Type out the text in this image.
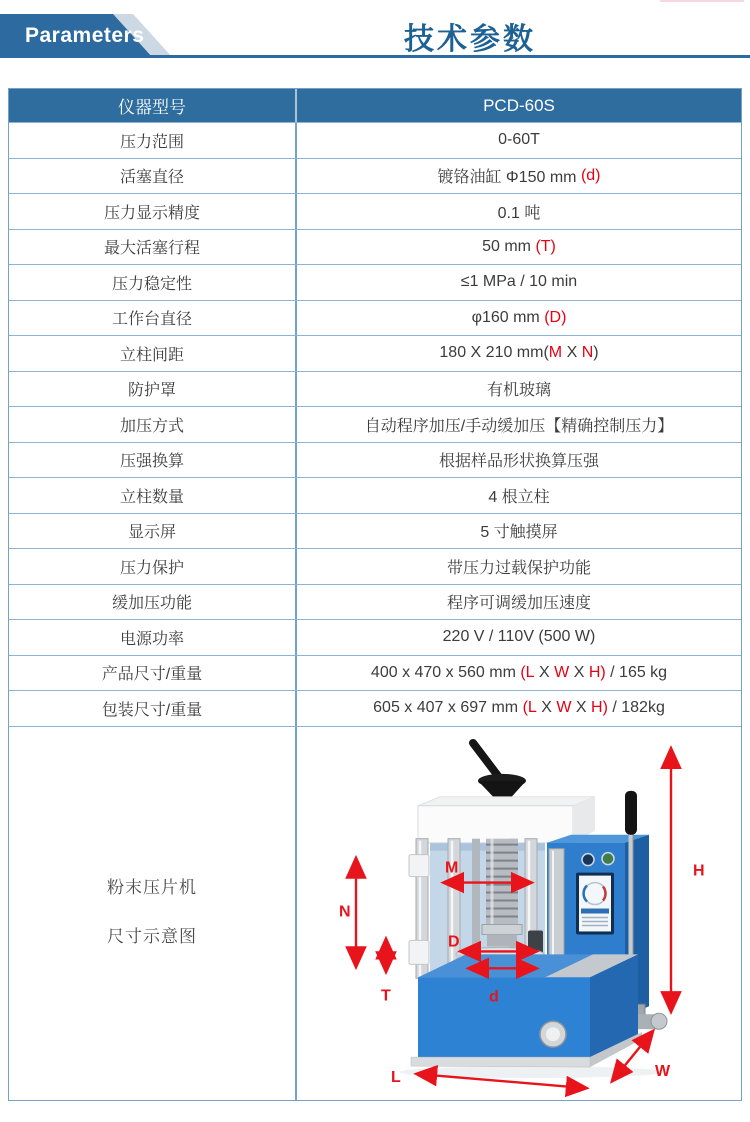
Parameters	技术参数
仪器型号	PCD-60S
压力范围	0-60T
活塞直径	镀铬油缸 Φ150 mm (d)
压力显示精度	0.1 吨
最大活塞行程	50 mm (T)
压力稳定性	≤1 MPa / 10 min
工作台直径	φ160 mm (D)
立柱间距	180 X 210 mm( M X N )
防护罩	有机玻璃
加压方式	自动程序加压/手动缓加压【精确控制压力】
压强换算	根据样品形状换算压强
立柱数量	4 根立柱
显示屏	5 寸触摸屏
压力保护	带压力过载保护功能
缓加压功能	程序可调缓加压速度
电源功率	220 V / 110V (500 W)
产品尺寸/重量	400 x 470 x 560 mm (L X W X H) / 165 kg
包装尺寸/重量	605 x 407 x 697 mm (L X W X H) / 182kg
粉末压片机
尺寸示意图
H
N
T
M
D
d
L	W
